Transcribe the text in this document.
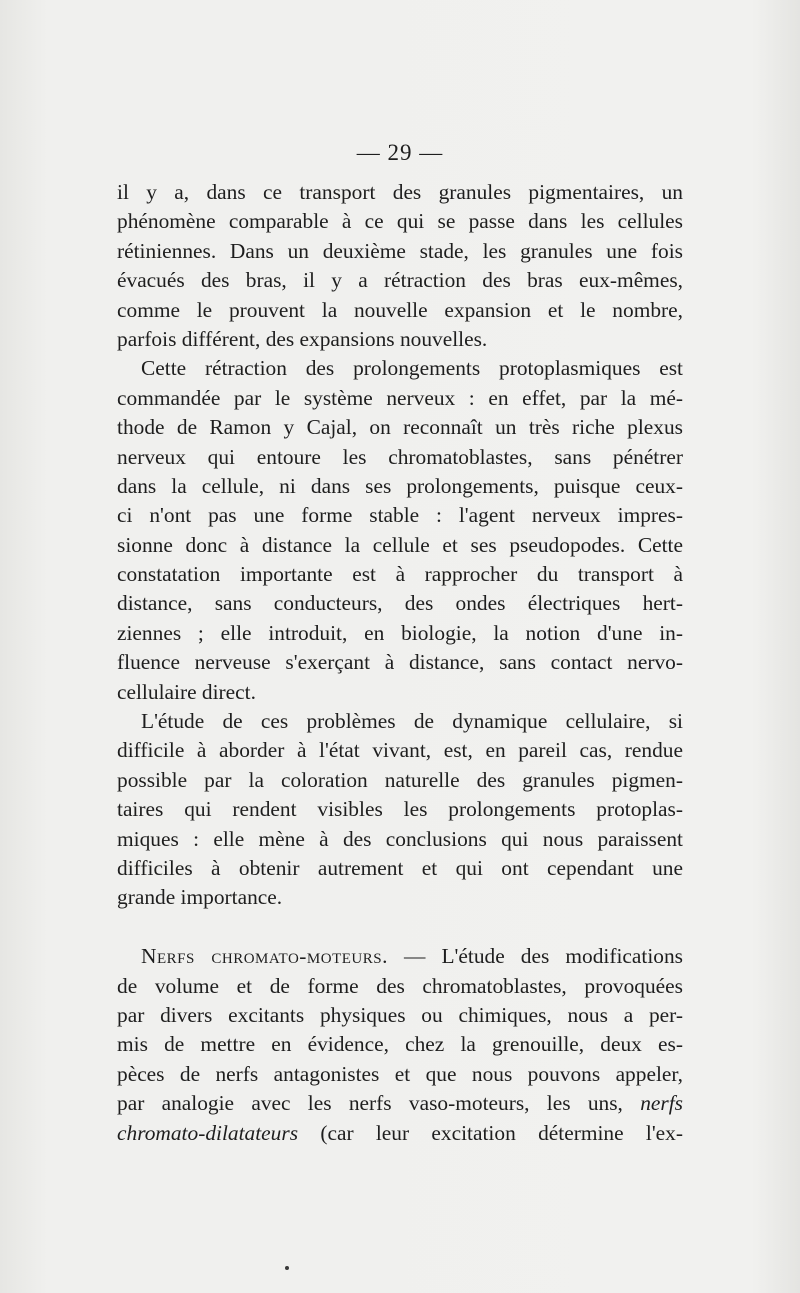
— 29 —
il y a, dans ce transport des granules pigmentaires, un
phénomène comparable à ce qui se passe dans les cellules
rétiniennes. Dans un deuxième stade, les granules une fois
évacués des bras, il y a rétraction des bras eux-mêmes,
comme le prouvent la nouvelle expansion et le nombre,
parfois différent, des expansions nouvelles.
Cette rétraction des prolongements protoplasmiques est
commandée par le système nerveux : en effet, par la mé-
thode de Ramon y Cajal, on reconnaît un très riche plexus
nerveux qui entoure les chromatoblastes, sans pénétrer
dans la cellule, ni dans ses prolongements, puisque ceux-
ci n'ont pas une forme stable : l'agent nerveux impres-
sionne donc à distance la cellule et ses pseudopodes. Cette
constatation importante est à rapprocher du transport à
distance, sans conducteurs, des ondes électriques hert-
ziennes ; elle introduit, en biologie, la notion d'une in-
fluence nerveuse s'exerçant à distance, sans contact nervo-
cellulaire direct.
L'étude de ces problèmes de dynamique cellulaire, si
difficile à aborder à l'état vivant, est, en pareil cas, rendue
possible par la coloration naturelle des granules pigmen-
taires qui rendent visibles les prolongements protoplas-
miques : elle mène à des conclusions qui nous paraissent
difficiles à obtenir autrement et qui ont cependant une
grande importance.
Nerfs chromato-moteurs. — L'étude des modifications
de volume et de forme des chromatoblastes, provoquées
par divers excitants physiques ou chimiques, nous a per-
mis de mettre en évidence, chez la grenouille, deux es-
pèces de nerfs antagonistes et que nous pouvons appeler,
par analogie avec les nerfs vaso-moteurs, les uns, nerfs
chromato-dilatateurs (car leur excitation détermine l'ex-
